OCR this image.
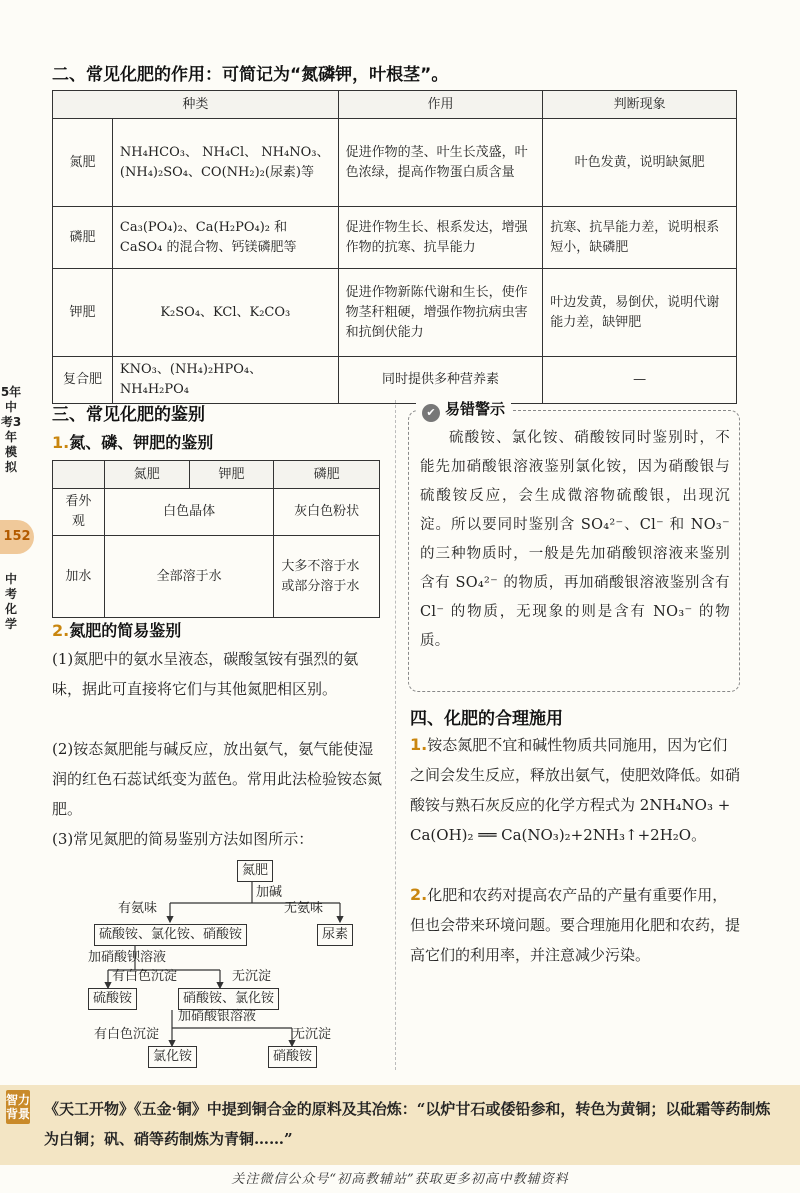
二、常见化肥的作用：可简记为“氮磷钾，叶根茎”。
种类		作用	判断现象
氮肥	NH₄HCO₃、 NH₄Cl、 NH₄NO₃、(NH₄)₂SO₄、CO(NH₂)₂(尿素)等	促进作物的茎、叶生长茂盛，叶色浓绿，提高作物蛋白质含量	叶色发黄，说明缺氮肥
磷肥	Ca₃(PO₄)₂、Ca(H₂PO₄)₂ 和 CaSO₄ 的混合物、钙镁磷肥等	促进作物生长、根系发达，增强作物的抗寒、抗旱能力	抗寒、抗旱能力差，说明根系短小，缺磷肥
钾肥	K₂SO₄、KCl、K₂CO₃	促进作物新陈代谢和生长，使作物茎秆粗硬，增强作物抗病虫害和抗倒伏能力	叶边发黄，易倒伏，说明代谢能力差，缺钾肥
复合肥	KNO₃、(NH₄)₂HPO₄、NH₄H₂PO₄	同时提供多种营养素	—
5年中考3年模拟
152
中考化学
三、常见化肥的鉴别
1.氮、磷、钾肥的鉴别
	氮肥	钾肥	磷肥
看外观	白色晶体		灰白色粉状
加水	全部溶于水		大多不溶于水或部分溶于水
2.氮肥的简易鉴别
(1)氮肥中的氨水呈液态，碳酸氢铵有强烈的氨味，据此可直接将它们与其他氮肥相区别。
(2)铵态氮肥能与碱反应，放出氨气，氨气能使湿润的红色石蕊试纸变为蓝色。常用此法检验铵态氮肥。
(3)常见氮肥的简易鉴别方法如图所示：
氮肥
加碱
有氨味	无氨味
硫酸铵、氯化铵、硝酸铵	尿素
加硝酸钡溶液
有白色沉淀	无沉淀
硫酸铵	硝酸铵、氯化铵
加硝酸银溶液
有白色沉淀	无沉淀
氯化铵	硝酸铵
✔ 易错警示
硫酸铵、氯化铵、硝酸铵同时鉴别时，不能先加硝酸银溶液鉴别氯化铵，因为硝酸银与硫酸铵反应，会生成微溶物硫酸银，出现沉淀。所以要同时鉴别含 SO₄²⁻、Cl⁻ 和 NO₃⁻ 的三种物质时，一般是先加硝酸钡溶液来鉴别含有 SO₄²⁻ 的物质，再加硝酸银溶液鉴别含有 Cl⁻ 的物质，无现象的则是含有 NO₃⁻ 的物质。
四、化肥的合理施用
1.铵态氮肥不宜和碱性物质共同施用，因为它们之间会发生反应，释放出氨气，使肥效降低。如硝酸铵与熟石灰反应的化学方程式为 2NH₄NO₃ + Ca(OH)₂ ══ Ca(NO₃)₂+2NH₃↑+2H₂O。
2.化肥和农药对提高农产品的产量有重要作用，但也会带来环境问题。要合理施用化肥和农药，提高它们的利用率，并注意减少污染。
智力背景 《天工开物》《五金·铜》中提到铜合金的原料及其冶炼：“以炉甘石或倭铅参和，转色为黄铜；以砒霜等药制炼为白铜；矾、硝等药制炼为青铜……”
关注微信公众号“初高教辅站”获取更多初高中教辅资料
